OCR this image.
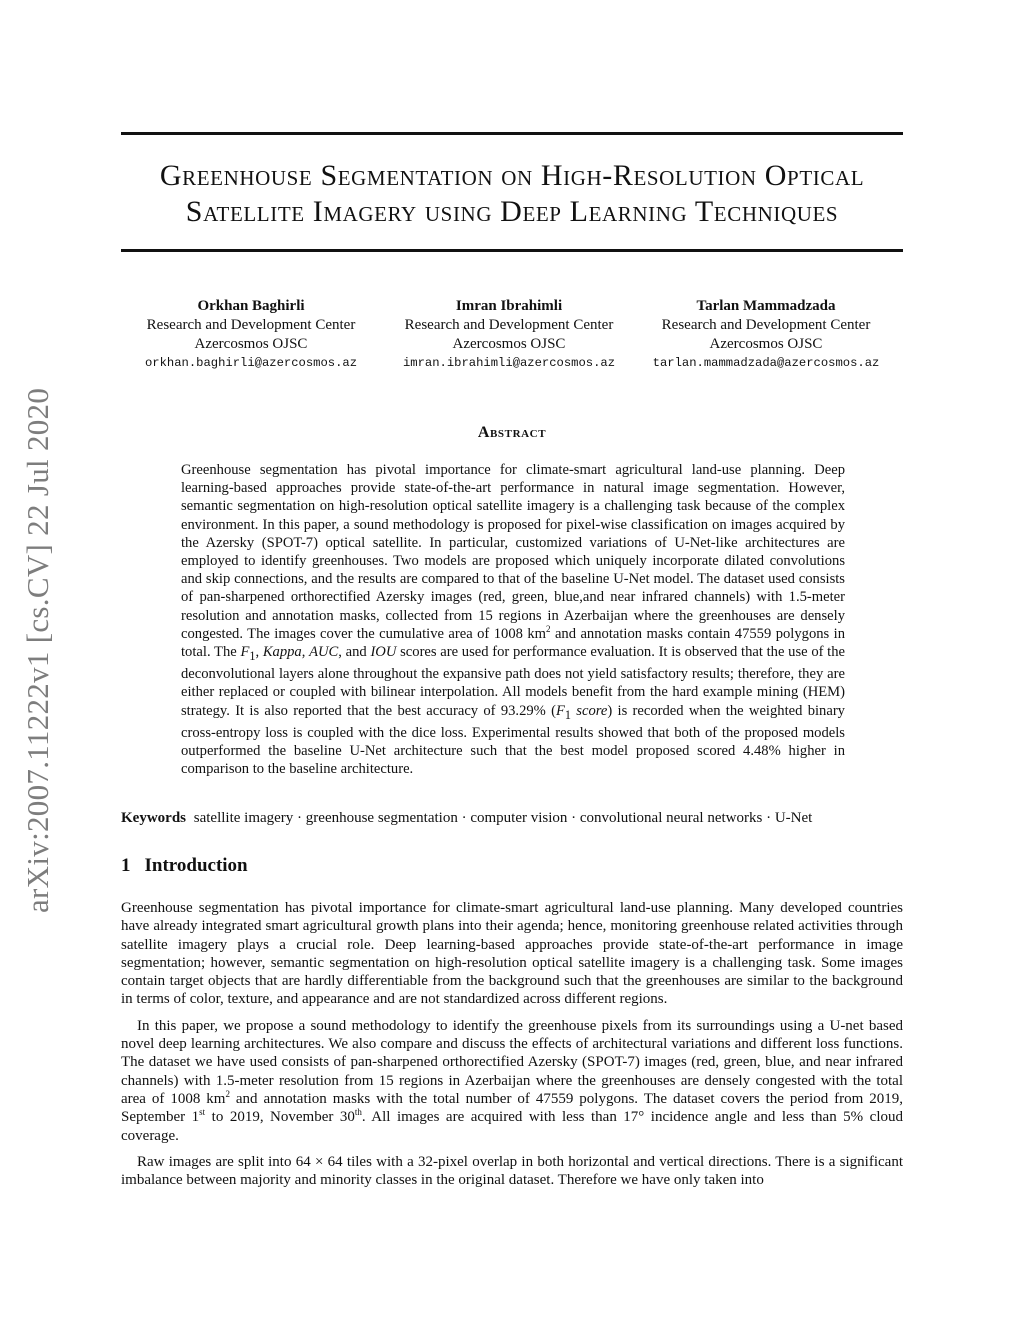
arXiv:2007.11222v1 [cs.CV] 22 Jul 2020
Greenhouse Segmentation on High-Resolution Optical
Satellite Imagery using Deep Learning Techniques
Orkhan Baghirli
Research and Development Center
Azercosmos OJSC
orkhan.baghirli@azercosmos.az
Imran Ibrahimli
Research and Development Center
Azercosmos OJSC
imran.ibrahimli@azercosmos.az
Tarlan Mammadzada
Research and Development Center
Azercosmos OJSC
tarlan.mammadzada@azercosmos.az
Abstract

Greenhouse segmentation has pivotal importance for climate-smart agricultural land-use planning. Deep learning-based approaches provide state-of-the-art performance in natural image segmentation. However, semantic segmentation on high-resolution optical satellite imagery is a challenging task because of the complex environment. In this paper, a sound methodology is proposed for pixel-wise classification on images acquired by the Azersky (SPOT-7) optical satellite. In particular, customized variations of U-Net-like architectures are employed to identify greenhouses. Two models are proposed which uniquely incorporate dilated convolutions and skip connections, and the results are compared to that of the baseline U-Net model. The dataset used consists of pan-sharpened orthorectified Azersky images (red, green, blue,and near infrared channels) with 1.5-meter resolution and annotation masks, collected from 15 regions in Azerbaijan where the greenhouses are densely congested. The images cover the cumulative area of 1008 $km^2$ and annotation masks contain 47559 polygons in total. The $F_1$, Kappa, AUC, and IOU scores are used for performance evaluation. It is observed that the use of the deconvolutional layers alone throughout the expansive path does not yield satisfactory results; therefore, they are either replaced or coupled with bilinear interpolation. All models benefit from the hard example mining (HEM) strategy. It is also reported that the best accuracy of 93.29% ($F_1$ score) is recorded when the weighted binary cross-entropy loss is coupled with the dice loss. Experimental results showed that both of the proposed models outperformed the baseline U-Net architecture such that the best model proposed scored 4.48% higher in comparison to the baseline architecture.

Keywords satellite imagery · greenhouse segmentation · computer vision · convolutional neural networks · U-Net
1 Introduction

Greenhouse segmentation has pivotal importance for climate-smart agricultural land-use planning. Many developed countries have already integrated smart agricultural growth plans into their agenda; hence, monitoring greenhouse related activities through satellite imagery plays a crucial role. Deep learning-based approaches provide state-of-the-art performance in image segmentation; however, semantic segmentation on high-resolution optical satellite imagery is a challenging task. Some images contain target objects that are hardly differentiable from the background such that the greenhouses are similar to the background in terms of color, texture, and appearance and are not standardized across different regions.

In this paper, we propose a sound methodology to identify the greenhouse pixels from its surroundings using a U-net based novel deep learning architectures. We also compare and discuss the effects of architectural variations and different loss functions. The dataset we have used consists of pan-sharpened orthorectified Azersky (SPOT-7) images (red, green, blue, and near infrared channels) with 1.5-meter resolution from 15 regions in Azerbaijan where the greenhouses are densely congested with the total area of 1008 $km^2$ and annotation masks with the total number of 47559 polygons. The dataset covers the period from 2019, September 1st to 2019, November 30th. All images are acquired with less than 17° incidence angle and less than 5% cloud coverage.

Raw images are split into 64 × 64 tiles with a 32-pixel overlap in both horizontal and vertical directions. There is a significant imbalance between majority and minority classes in the original dataset. Therefore we have only taken into
